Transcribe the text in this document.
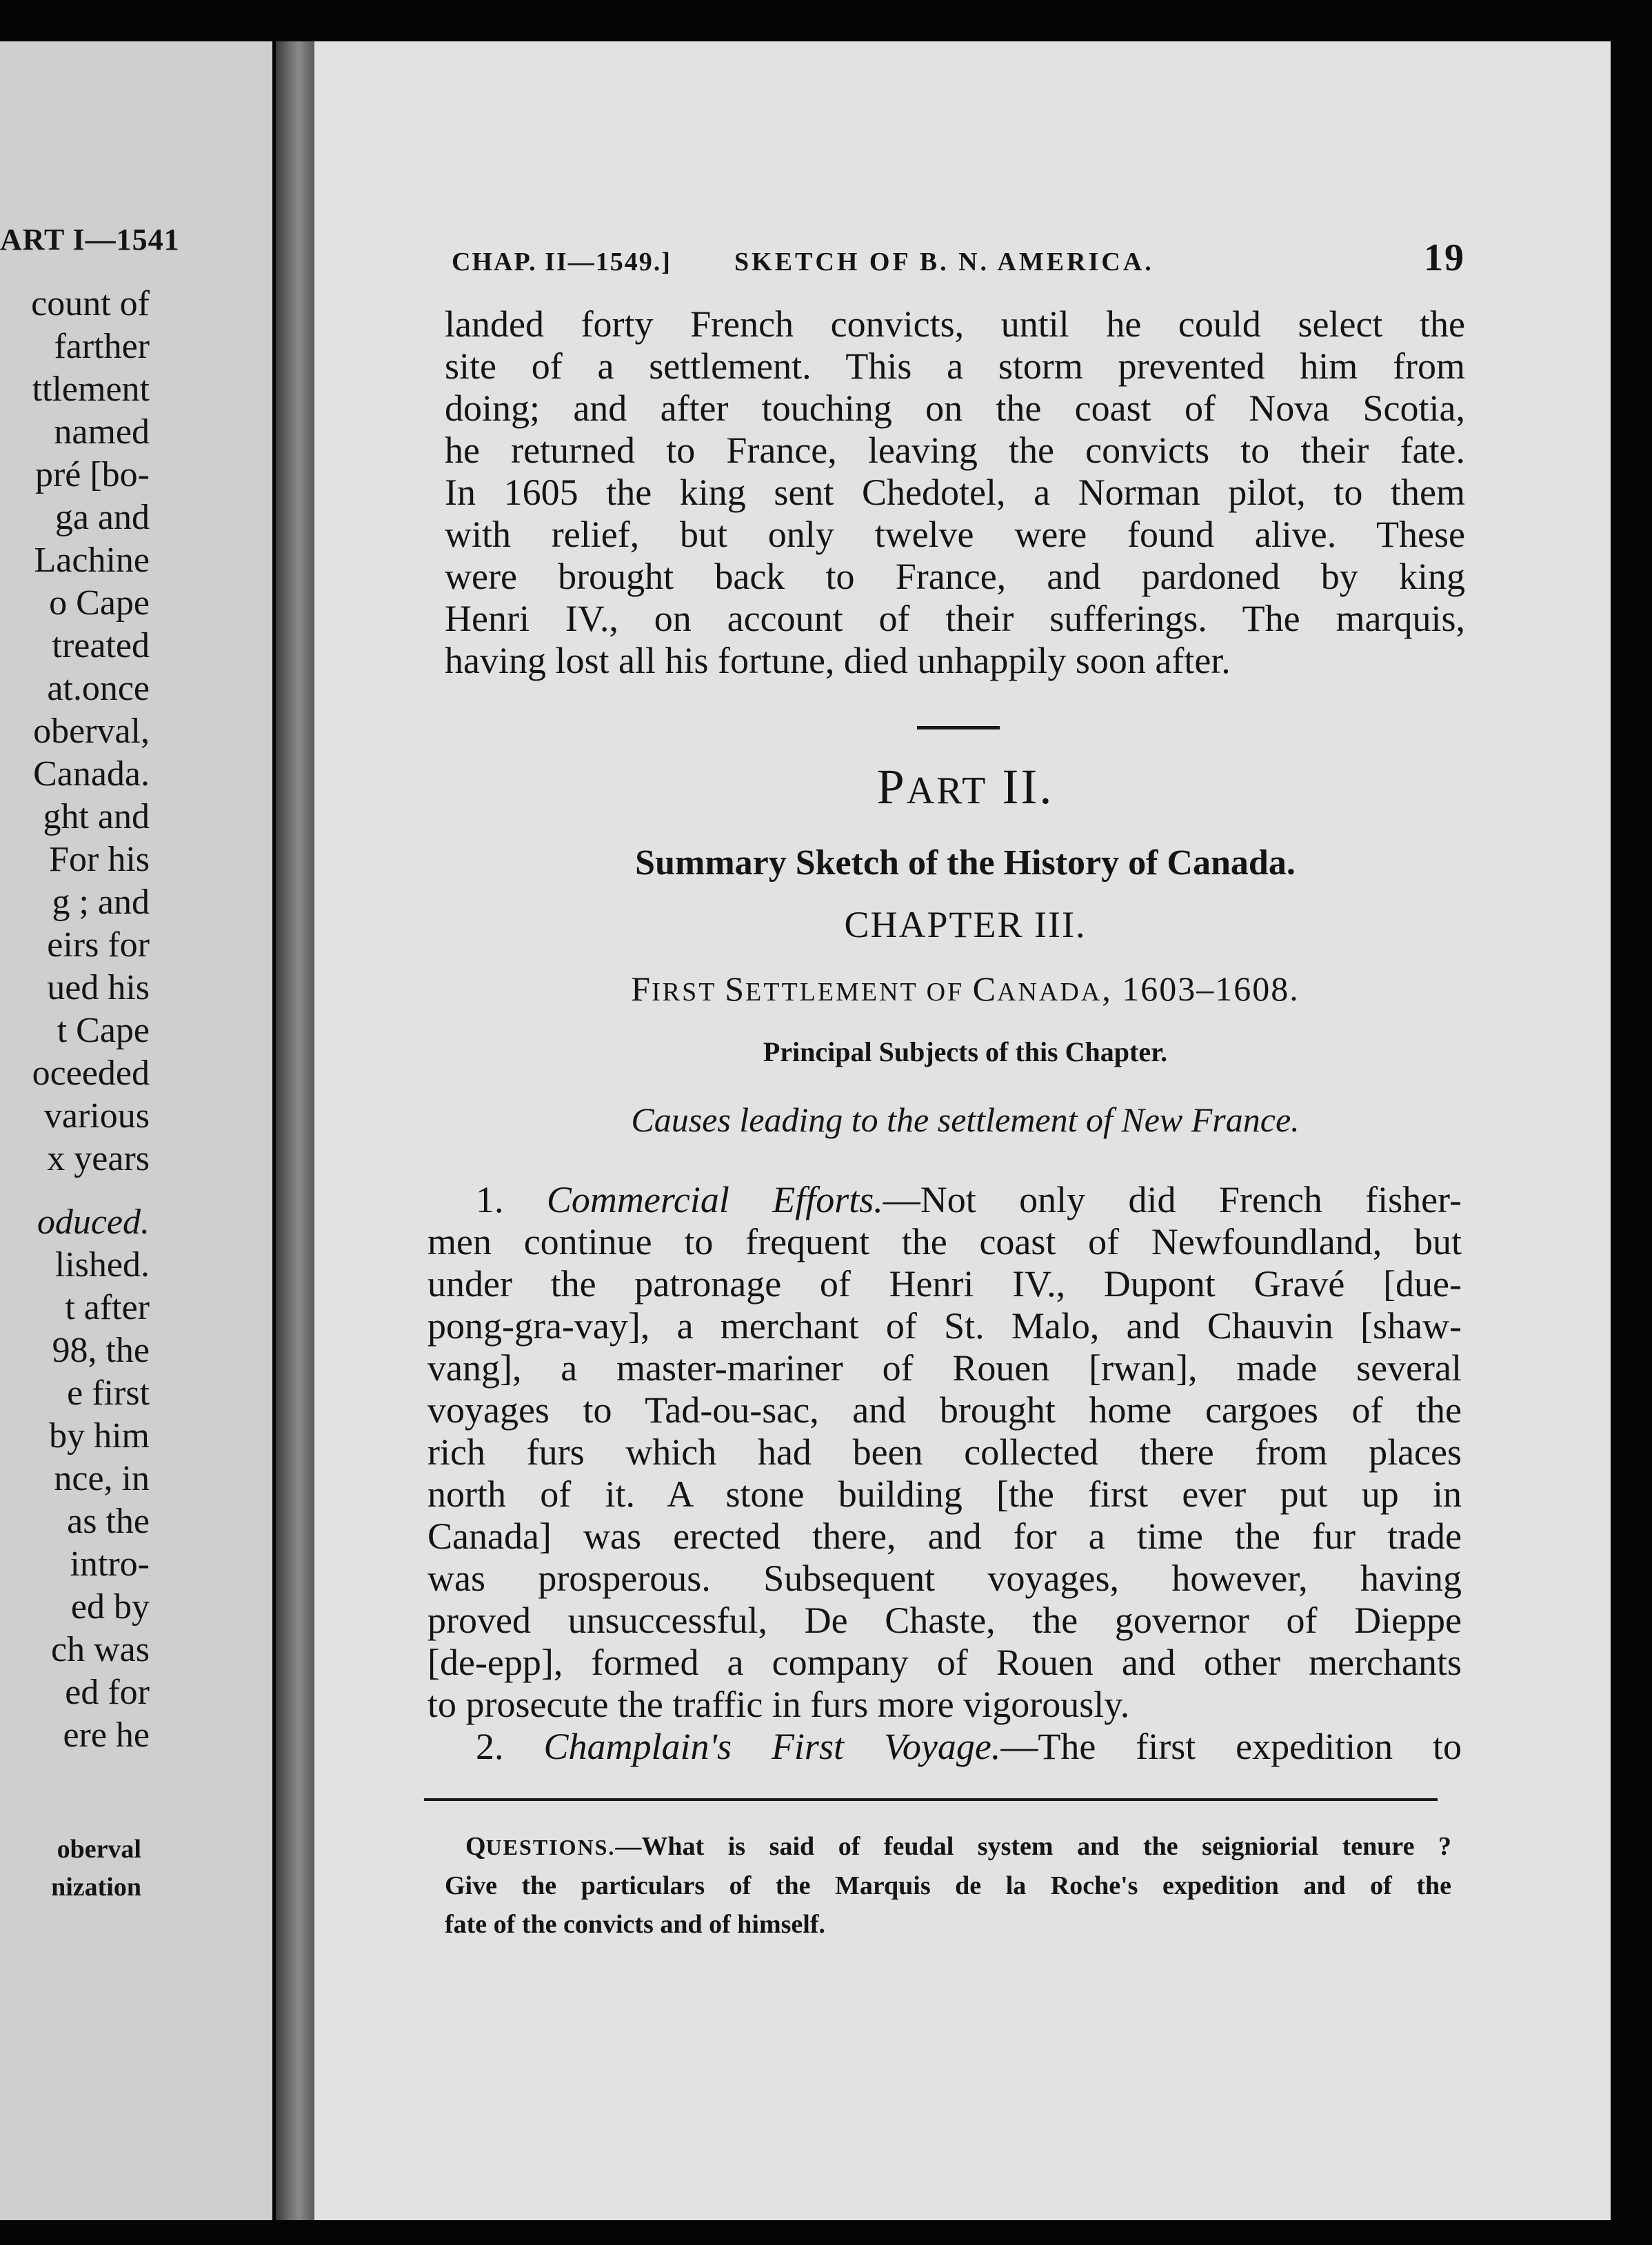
ART I—1541
count of
farther
ttlement
named
pré [bo-
ga and
Lachine
o Cape
treated
at.once
oberval,
Canada.
ght and
For his
g ; and
eirs for
ued his
t Cape
oceeded
various
x years
oduced.
lished.
t after
98, the
e first
by him
nce, in
as the
intro-
ed by
ch was
ed for
ere he
oberval
nization
CHAP. II—1549.] SKETCH OF B. N. AMERICA.	19
landed forty French convicts, until he could select the
site of a settlement. This a storm prevented him from
doing; and after touching on the coast of Nova Scotia,
he returned to France, leaving the convicts to their fate.
In 1605 the king sent Chedotel, a Norman pilot, to them
with relief, but only twelve were found alive. These
were brought back to France, and pardoned by king
Henri IV., on account of their sufferings. The marquis,
having lost all his fortune, died unhappily soon after.
PART II.
Summary Sketch of the History of Canada.
CHAPTER III.
FIRST SETTLEMENT OF CANADA, 1603–1608.
Principal Subjects of this Chapter.
Causes leading to the settlement of New France.
1. Commercial Efforts.—Not only did French fisher-
men continue to frequent the coast of Newfoundland, but
under the patronage of Henri IV., Dupont Gravé [due-
pong-gra-vay], a merchant of St. Malo, and Chauvin [shaw-
vang], a master-mariner of Rouen [rwan], made several
voyages to Tad-ou-sac, and brought home cargoes of the
rich furs which had been collected there from places
north of it. A stone building [the first ever put up in
Canada] was erected there, and for a time the fur trade
was prosperous. Subsequent voyages, however, having
proved unsuccessful, De Chaste, the governor of Dieppe
[de-epp], formed a company of Rouen and other merchants
to prosecute the traffic in furs more vigorously.
2. Champlain's First Voyage.—The first expedition to
QUESTIONS.—What is said of feudal system and the seigniorial tenure ?
Give the particulars of the Marquis de la Roche's expedition and of the
fate of the convicts and of himself.
